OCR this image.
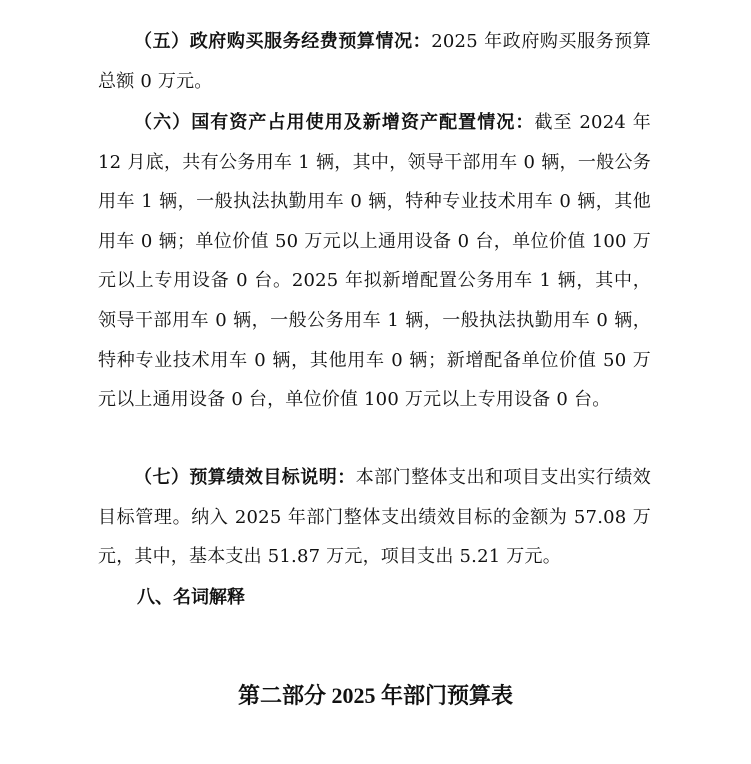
（五）政府购买服务经费预算情况：2025 年政府购买服务预算总额 0 万元。

（六）国有资产占用使用及新增资产配置情况：截至 2024 年 12 月底，共有公务用车 1 辆，其中，领导干部用车 0 辆，一般公务用车 1 辆，一般执法执勤用车 0 辆，特种专业技术用车 0 辆，其他用车 0 辆；单位价值 50 万元以上通用设备 0 台，单位价值 100 万元以上专用设备 0 台。2025 年拟新增配置公务用车 1 辆，其中，领导干部用车 0 辆，一般公务用车 1 辆，一般执法执勤用车 0 辆，特种专业技术用车 0 辆，其他用车 0 辆；新增配备单位价值 50 万元以上通用设备 0 台，单位价值 100 万元以上专用设备 0 台。

（七）预算绩效目标说明：本部门整体支出和项目支出实行绩效目标管理。纳入 2025 年部门整体支出绩效目标的金额为 57.08 万元，其中，基本支出 51.87 万元，项目支出 5.21 万元。

八、名词解释

第二部分 2025 年部门预算表
